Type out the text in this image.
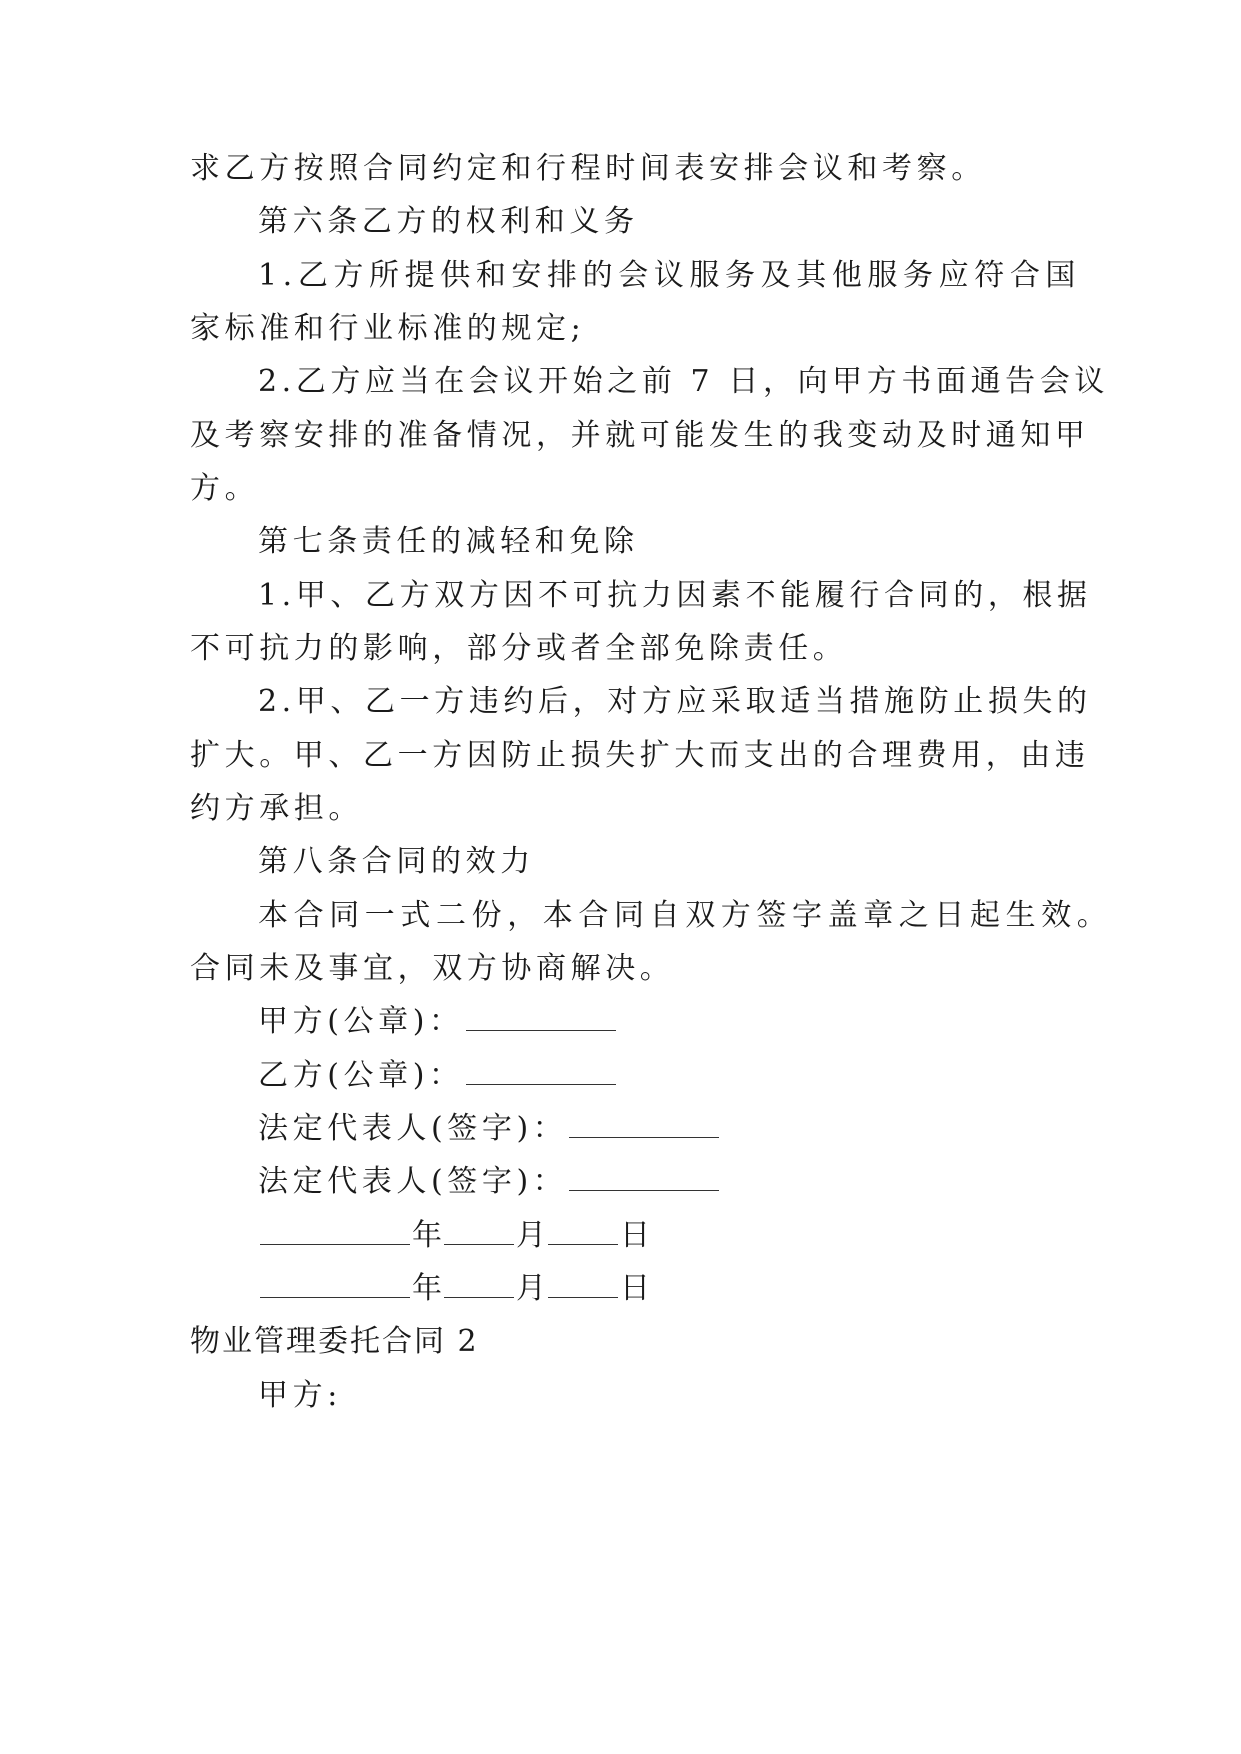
求乙方按照合同约定和行程时间表安排会议和考察。
第六条乙方的权利和义务
1.乙方所提供和安排的会议服务及其他服务应符合国
家标准和行业标准的规定;
2.乙方应当在会议开始之前 7 日，向甲方书面通告会议
及考察安排的准备情况，并就可能发生的我变动及时通知甲
方。
第七条责任的减轻和免除
1.甲、乙方双方因不可抗力因素不能履行合同的，根据
不可抗力的影响，部分或者全部免除责任。
2.甲、乙一方违约后，对方应采取适当措施防止损失的
扩大。甲、乙一方因防止损失扩大而支出的合理费用，由违
约方承担。
第八条合同的效力
本合同一式二份，本合同自双方签字盖章之日起生效。
合同未及事宜，双方协商解决。
甲方(公章)：
乙方(公章)：
法定代表人(签字)：
法定代表人(签字)：
年 月 日
年 月 日
物业管理委托合同 2
甲方:
